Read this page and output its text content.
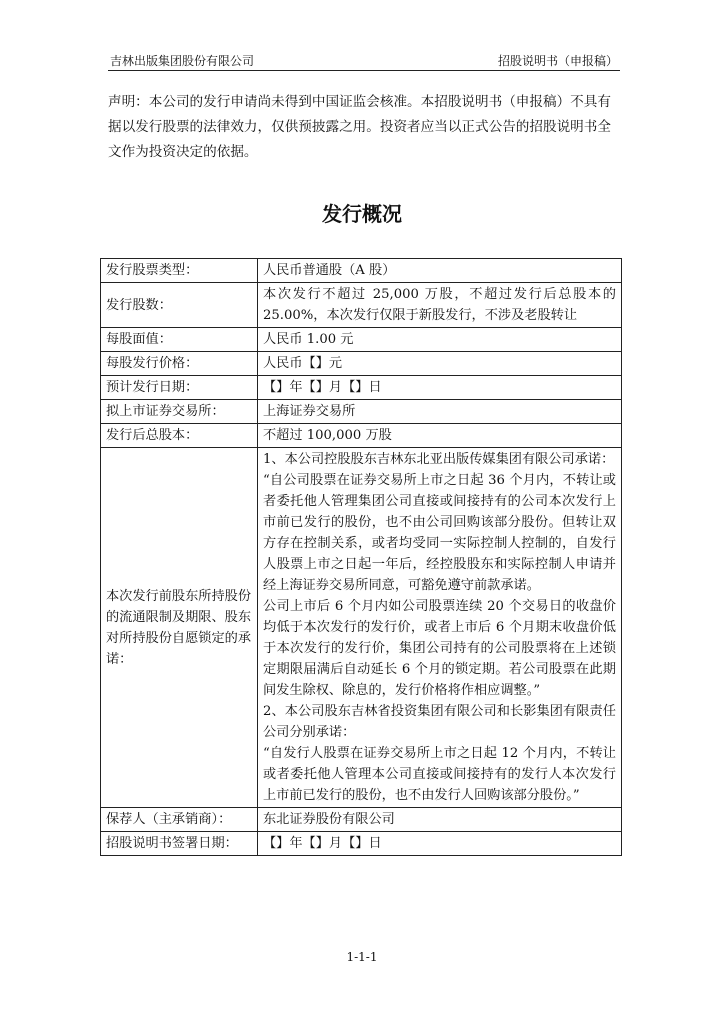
吉林出版集团股份有限公司	招股说明书（申报稿）
声明：本公司的发行申请尚未得到中国证监会核准。本招股说明书（申报稿）不具有据以发行股票的法律效力，仅供预披露之用。投资者应当以正式公告的招股说明书全文作为投资决定的依据。
发行概况
发行股票类型：	人民币普通股（A 股）
发行股数：	本次发行不超过 25,000 万股，不超过发行后总股本的 25.00%，本次发行仅限于新股发行，不涉及老股转让
每股面值：	人民币 1.00 元
每股发行价格：	人民币【】元
预计发行日期：	【】年【】月【】日
拟上市证券交易所：	上海证券交易所
发行后总股本：	不超过 100,000 万股
本次发行前股东所持股份的流通限制及期限、股东对所持股份自愿锁定的承诺：	1、本公司控股股东吉林东北亚出版传媒集团有限公司承诺：
“自公司股票在证券交易所上市之日起 36 个月内，不转让或者委托他人管理集团公司直接或间接持有的公司本次发行上市前已发行的股份，也不由公司回购该部分股份。但转让双方存在控制关系，或者均受同一实际控制人控制的，自发行人股票上市之日起一年后，经控股股东和实际控制人申请并经上海证券交易所同意，可豁免遵守前款承诺。
公司上市后 6 个月内如公司股票连续 20 个交易日的收盘价均低于本次发行的发行价，或者上市后 6 个月期末收盘价低于本次发行的发行价，集团公司持有的公司股票将在上述锁定期限届满后自动延长 6 个月的锁定期。若公司股票在此期间发生除权、除息的，发行价格将作相应调整。”
2、本公司股东吉林省投资集团有限公司和长影集团有限责任公司分别承诺：
“自发行人股票在证券交易所上市之日起 12 个月内，不转让或者委托他人管理本公司直接或间接持有的发行人本次发行上市前已发行的股份，也不由发行人回购该部分股份。”

保荐人（主承销商）：	东北证券股份有限公司
招股说明书签署日期：	【】年【】月【】日
1-1-1
